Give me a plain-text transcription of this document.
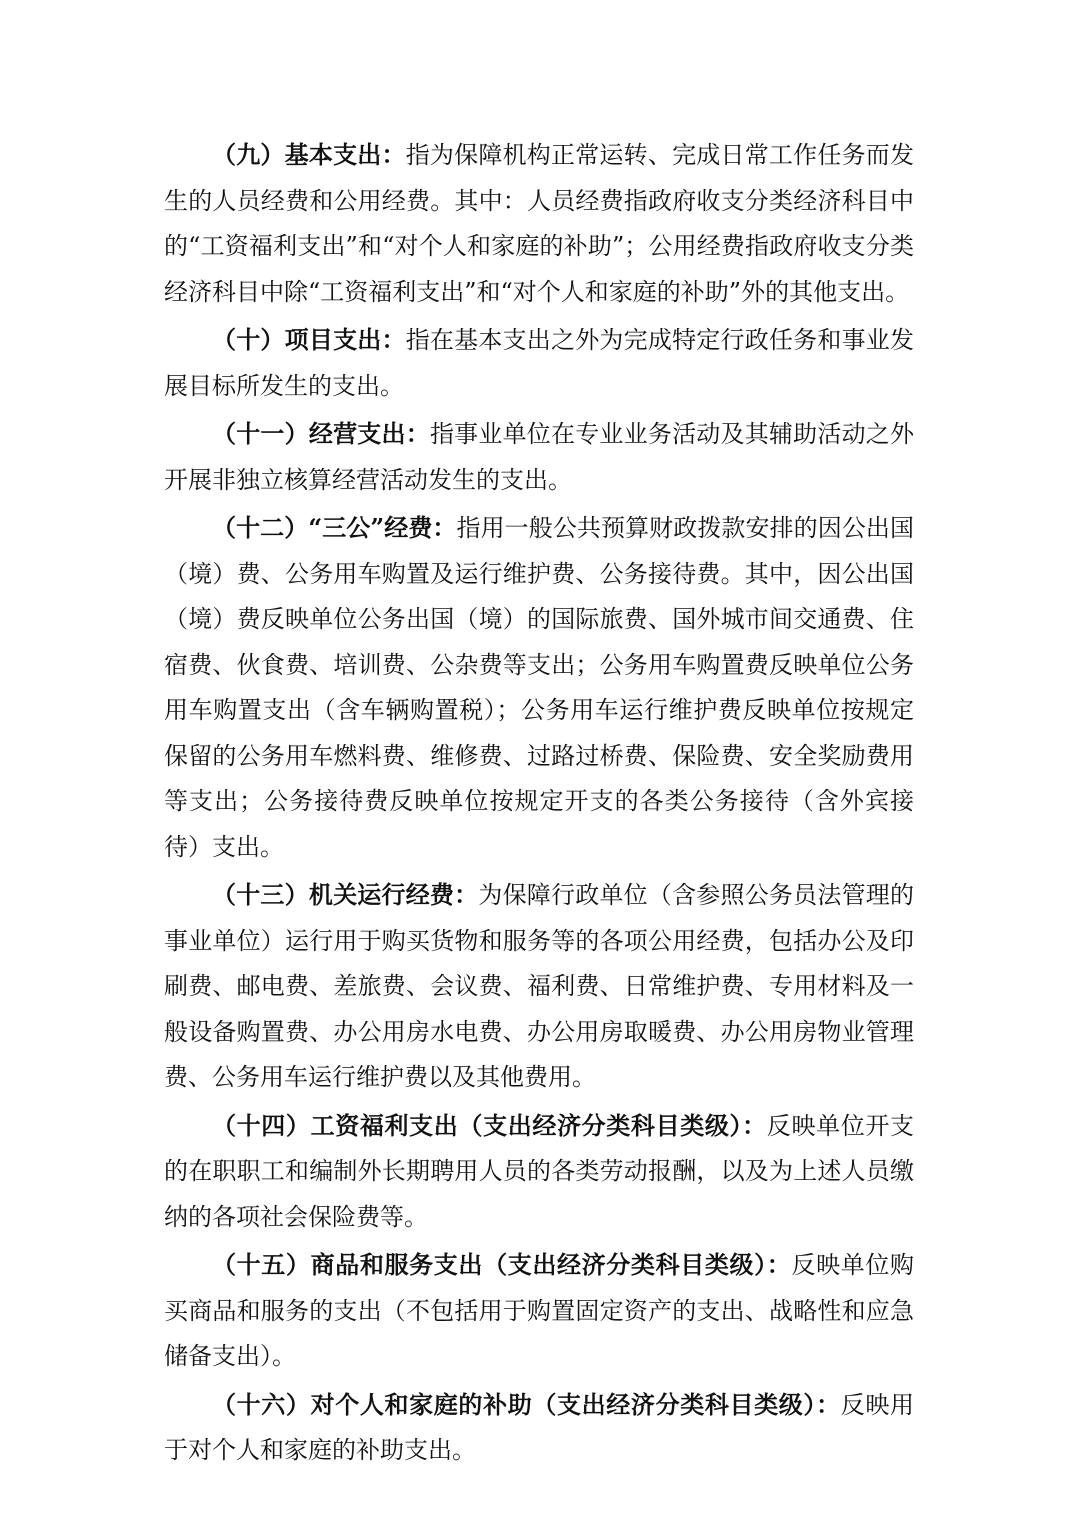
（九）基本支出：指为保障机构正常运转、完成日常工作任务而发生的人员经费和公用经费。其中：人员经费指政府收支分类经济科目中的“工资福利支出”和“对个人和家庭的补助”；公用经费指政府收支分类经济科目中除“工资福利支出”和“对个人和家庭的补助”外的其他支出。

（十）项目支出：指在基本支出之外为完成特定行政任务和事业发展目标所发生的支出。

（十一）经营支出：指事业单位在专业业务活动及其辅助活动之外开展非独立核算经营活动发生的支出。

（十二）“三公”经费：指用一般公共预算财政拨款安排的因公出国（境）费、公务用车购置及运行维护费、公务接待费。其中，因公出国（境）费反映单位公务出国（境）的国际旅费、国外城市间交通费、住宿费、伙食费、培训费、公杂费等支出；公务用车购置费反映单位公务用车购置支出（含车辆购置税）；公务用车运行维护费反映单位按规定保留的公务用车燃料费、维修费、过路过桥费、保险费、安全奖励费用等支出；公务接待费反映单位按规定开支的各类公务接待（含外宾接待）支出。

（十三）机关运行经费：为保障行政单位（含参照公务员法管理的事业单位）运行用于购买货物和服务等的各项公用经费，包括办公及印刷费、邮电费、差旅费、会议费、福利费、日常维护费、专用材料及一般设备购置费、办公用房水电费、办公用房取暖费、办公用房物业管理费、公务用车运行维护费以及其他费用。

（十四）工资福利支出（支出经济分类科目类级）：反映单位开支的在职职工和编制外长期聘用人员的各类劳动报酬，以及为上述人员缴纳的各项社会保险费等。

（十五）商品和服务支出（支出经济分类科目类级）：反映单位购买商品和服务的支出（不包括用于购置固定资产的支出、战略性和应急储备支出）。

（十六）对个人和家庭的补助（支出经济分类科目类级）：反映用于对个人和家庭的补助支出。
